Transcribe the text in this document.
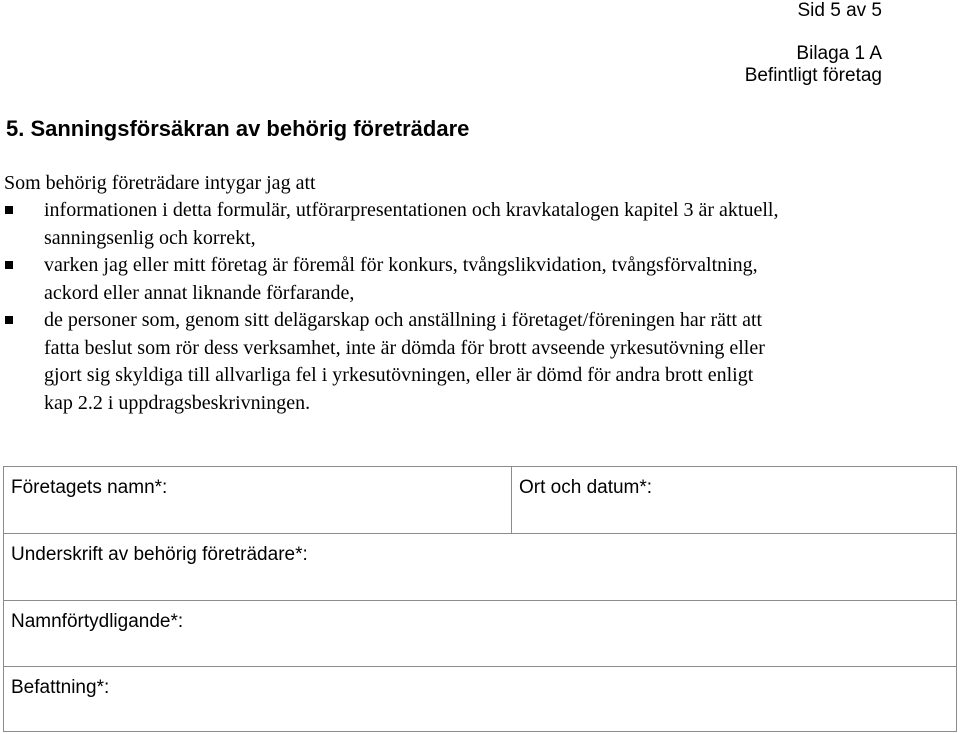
Sid 5 av 5
Bilaga 1 A
Befintligt företag
5. Sanningsförsäkran av behörig företrädare

Som behörig företrädare intygar jag att

informationen i detta formulär, utförarpresentationen och kravkatalogen kapitel 3 är aktuell, sanningsenlig och korrekt,
varken jag eller mitt företag är föremål för konkurs, tvångslikvidation, tvångsförvaltning, ackord eller annat liknande förfarande,
de personer som, genom sitt delägarskap och anställning i företaget/föreningen har rätt att fatta beslut som rör dess verksamhet, inte är dömda för brott avseende yrkesutövning eller gjort sig skyldiga till allvarliga fel i yrkesutövningen, eller är dömd för andra brott enligt kap 2.2 i uppdragsbeskrivningen.
Företagets namn*:	Ort och datum*:
Underskrift av behörig företrädare*:
Namnförtydligande*:
Befattning*:
